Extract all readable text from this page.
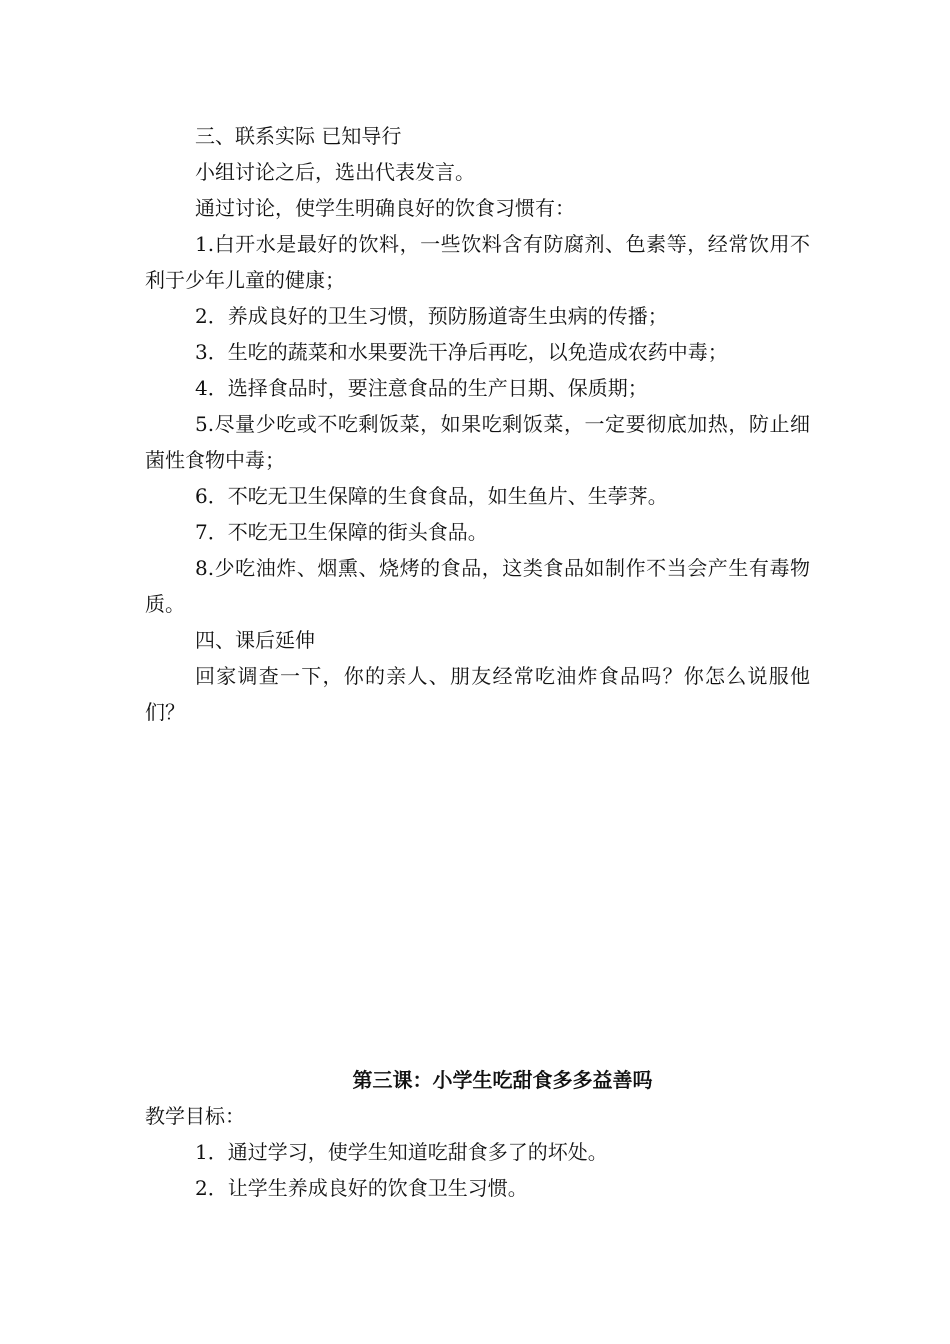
三、联系实际 已知导行

小组讨论之后，选出代表发言。

通过讨论，使学生明确良好的饮食习惯有：

1.白开水是最好的饮料，一些饮料含有防腐剂、色素等，经常饮用不利于少年儿童的健康；

2．养成良好的卫生习惯，预防肠道寄生虫病的传播；

3．生吃的蔬菜和水果要洗干净后再吃，以免造成农药中毒；

4．选择食品时，要注意食品的生产日期、保质期；

5.尽量少吃或不吃剩饭菜，如果吃剩饭菜，一定要彻底加热，防止细菌性食物中毒；

6．不吃无卫生保障的生食食品，如生鱼片、生荸荠。

7．不吃无卫生保障的街头食品。

8.少吃油炸、烟熏、烧烤的食品，这类食品如制作不当会产生有毒物质。

四、课后延伸

回家调查一下，你的亲人、朋友经常吃油炸食品吗？你怎么说服他们？

第三课：小学生吃甜食多多益善吗

教学目标：

1．通过学习，使学生知道吃甜食多了的坏处。

2．让学生养成良好的饮食卫生习惯。
